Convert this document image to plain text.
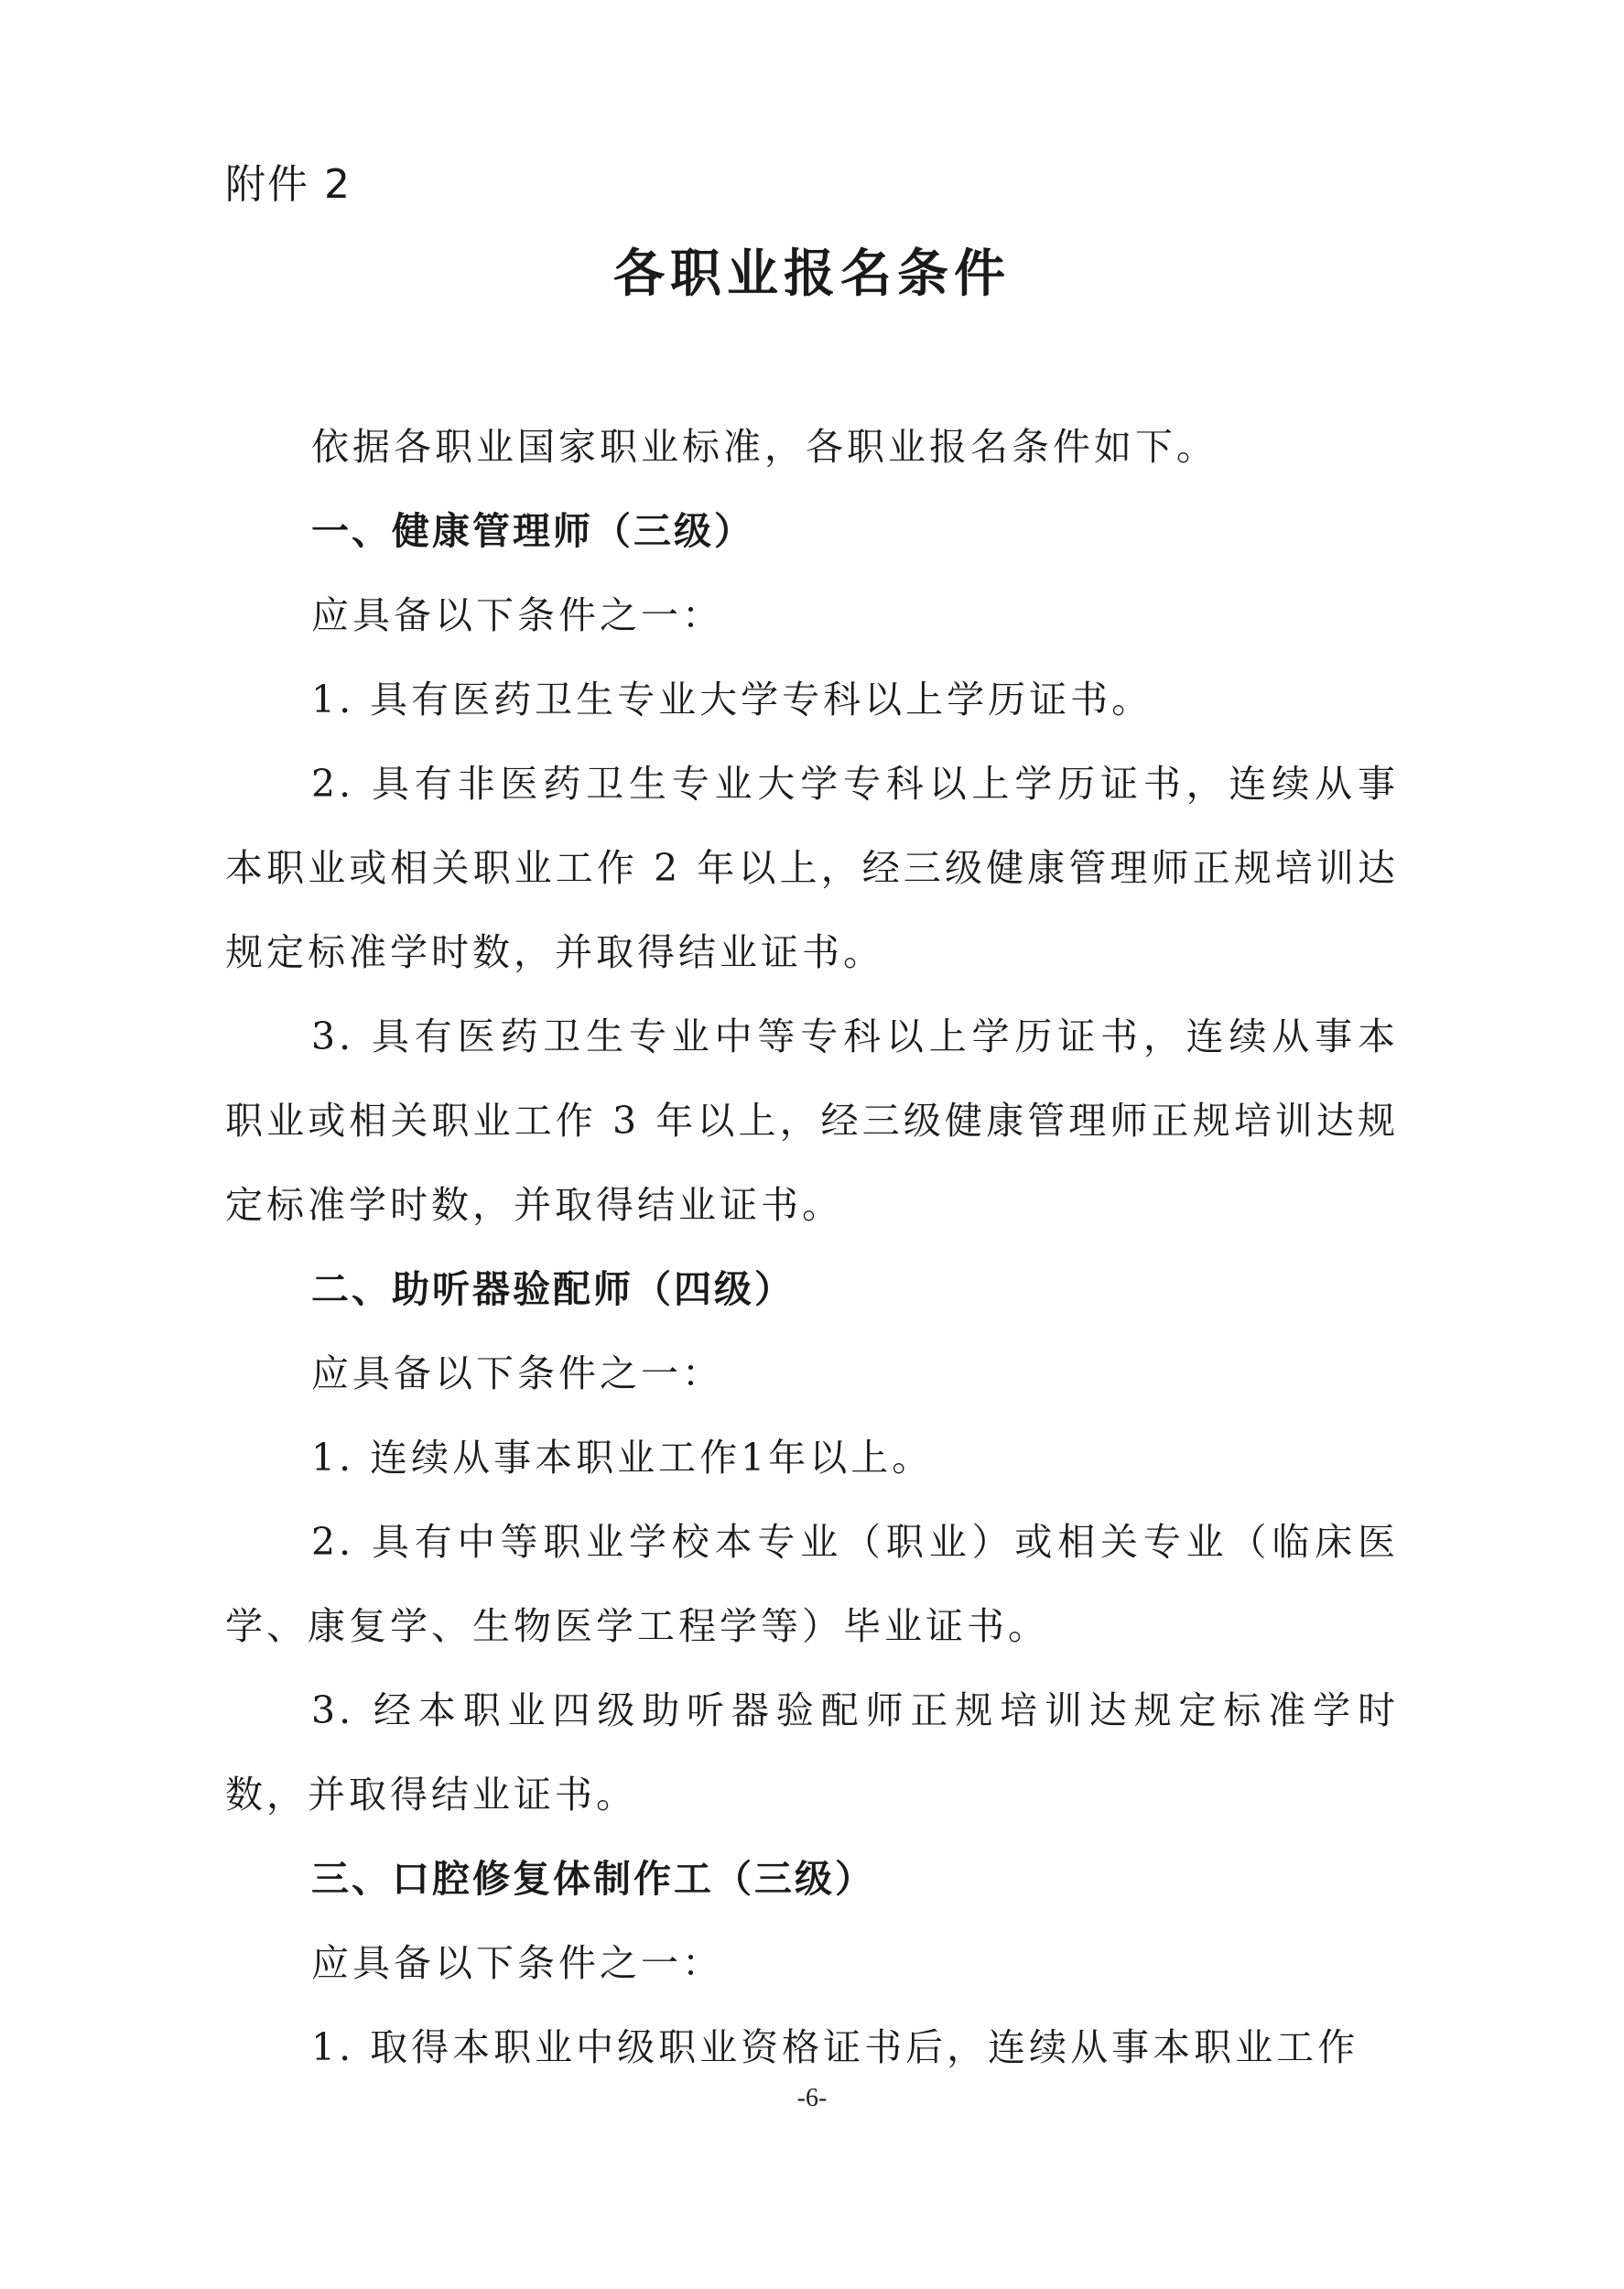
附件 2
各职业报名条件

依据各职业国家职业标准，各职业报名条件如下。

一、健康管理师（三级）

应具备以下条件之一：

1. 具有医药卫生专业大学专科以上学历证书。

2. 具有非医药卫生专业大学专科以上学历证书，连续从事本职业或相关职业工作 2 年以上，经三级健康管理师正规培训达规定标准学时数，并取得结业证书。

3. 具有医药卫生专业中等专科以上学历证书，连续从事本职业或相关职业工作 3 年以上，经三级健康管理师正规培训达规定标准学时数，并取得结业证书。

二、助听器验配师（四级）

应具备以下条件之一：

1. 连续从事本职业工作1年以上。

2. 具有中等职业学校本专业（职业）或相关专业（临床医学、康复学、生物医学工程学等）毕业证书。

3. 经本职业四级助听器验配师正规培训达规定标准学时数，并取得结业证书。

三、口腔修复体制作工（三级）

应具备以下条件之一：

1. 取得本职业中级职业资格证书后，连续从事本职业工作

-6-
